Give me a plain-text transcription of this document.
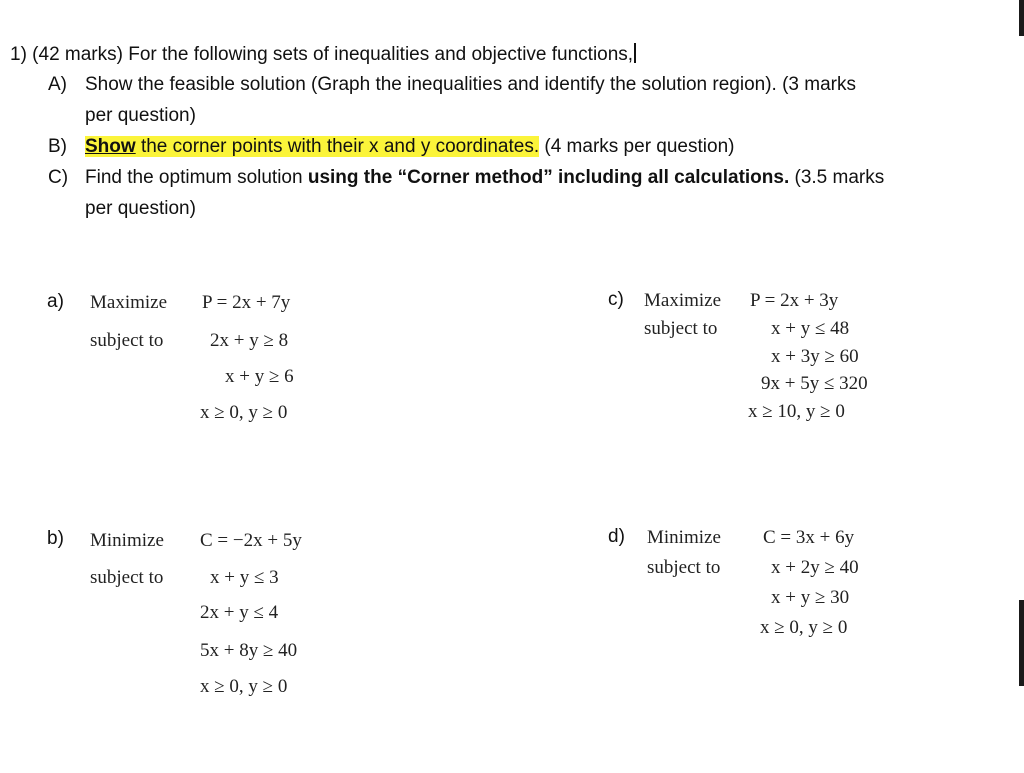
1) (42 marks) For the following sets of inequalities and objective functions,
A) Show the feasible solution (Graph the inequalities and identify the solution region). (3 marks
per question)
B) Show the corner points with their x and y coordinates. (4 marks per question)
C) Find the optimum solution using the “Corner method” including all calculations. (3.5 marks
per question)
a) Maximize P = 2x + 7y
subject to 2x + y ≥ 8
x + y ≥ 6
x ≥ 0, y ≥ 0
b) Minimize C = −2x + 5y
subject to x + y ≤ 3
2x + y ≤ 4
5x + 8y ≥ 40
x ≥ 0, y ≥ 0
c) Maximize P = 2x + 3y
subject to	x + y ≤ 48
x + 3y ≥ 60
9x + 5y ≤ 320
x ≥ 10, y ≥ 0
d) Minimize C = 3x + 6y
subject to	x + 2y ≥ 40
x + y ≥ 30
x ≥ 0, y ≥ 0
